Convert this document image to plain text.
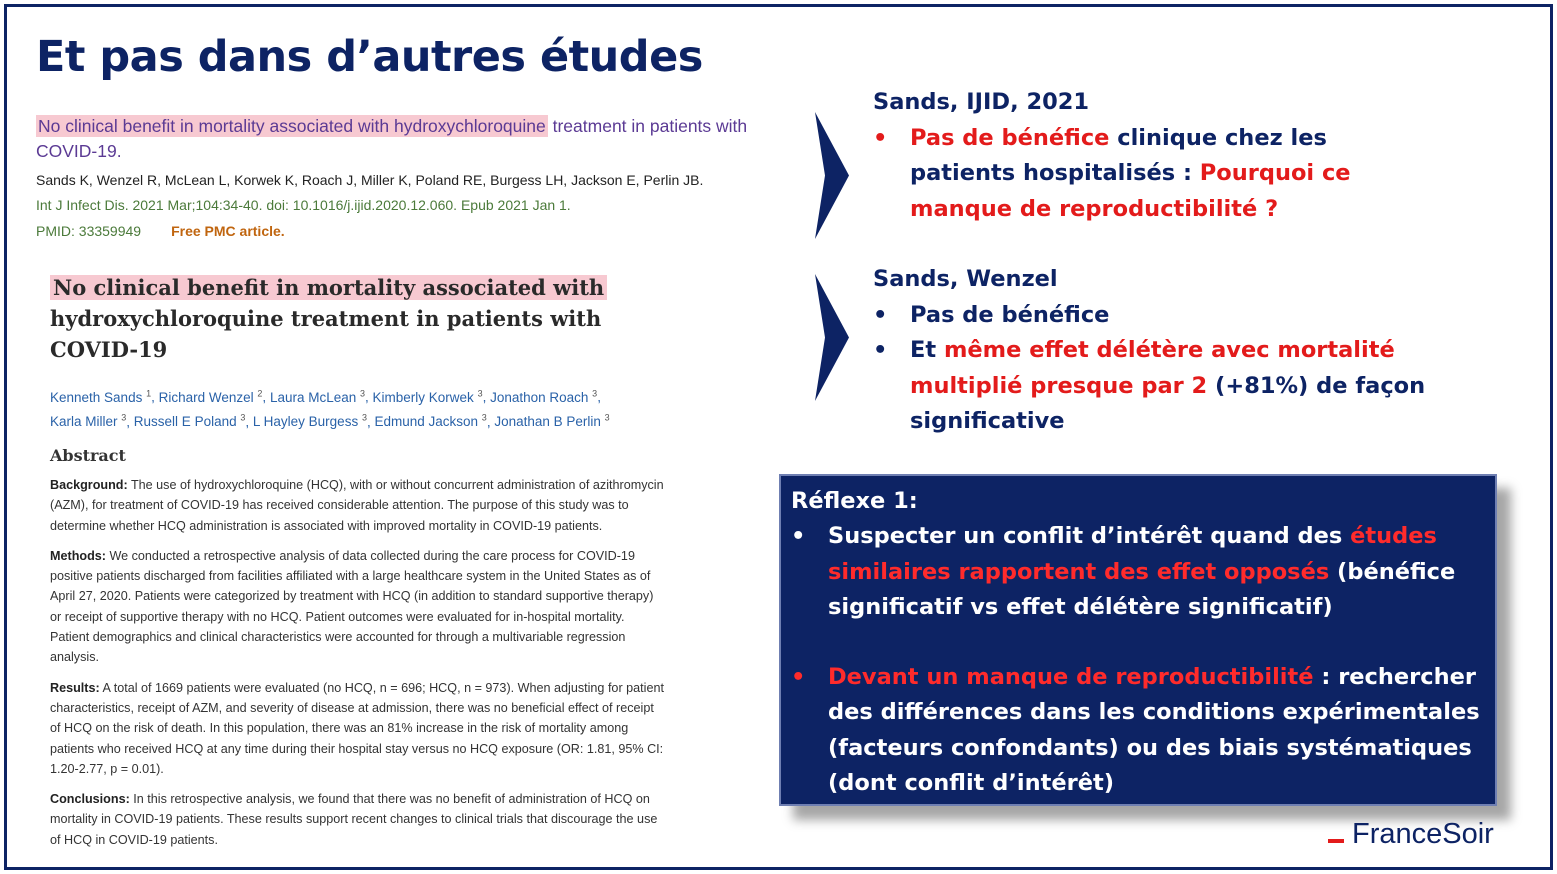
Et pas dans d’autres études
No clinical benefit in mortality associated with hydroxychloroquine treatment in patients with COVID-19.
Sands K, Wenzel R, McLean L, Korwek K, Roach J, Miller K, Poland RE, Burgess LH, Jackson E, Perlin JB.
Int J Infect Dis. 2021 Mar;104:34-40. doi: 10.1016/j.ijid.2020.12.060. Epub 2021 Jan 1.
PMID: 33359949 Free PMC article.
No clinical benefit in mortality associated with
hydroxychloroquine treatment in patients with COVID-19
Kenneth Sands $^1$, Richard Wenzel $^2$, Laura McLean $^3$, Kimberly Korwek $^3$, Jonathon Roach $^3$,
Karla Miller $^3$, Russell E Poland $^3$, L Hayley Burgess $^3$, Edmund Jackson $^3$, Jonathan B Perlin $^3$
Abstract
Background: The use of hydroxychloroquine (HCQ), with or without concurrent administration of azithromycin (AZM), for treatment of COVID-19 has received considerable attention. The purpose of this study was to determine whether HCQ administration is associated with improved mortality in COVID-19 patients.
Methods: We conducted a retrospective analysis of data collected during the care process for COVID-19 positive patients discharged from facilities affiliated with a large healthcare system in the United States as of April 27, 2020. Patients were categorized by treatment with HCQ (in addition to standard supportive therapy) or receipt of supportive therapy with no HCQ. Patient outcomes were evaluated for in-hospital mortality. Patient demographics and clinical characteristics were accounted for through a multivariable regression analysis.
Results: A total of 1669 patients were evaluated (no HCQ, n = 696; HCQ, n = 973). When adjusting for patient characteristics, receipt of AZM, and severity of disease at admission, there was no beneficial effect of receipt of HCQ on the risk of death. In this population, there was an 81% increase in the risk of mortality among patients who received HCQ at any time during their hospital stay versus no HCQ exposure (OR: 1.81, 95% CI: 1.20-2.77, p = 0.01).
Conclusions: In this retrospective analysis, we found that there was no benefit of administration of HCQ on mortality in COVID-19 patients. These results support recent changes to clinical trials that discourage the use of HCQ in COVID-19 patients.
Sands, IJID, 2021
• Pas de bénéfice clinique chez les patients hospitalisés : Pourquoi ce manque de reproductibilité ?
Sands, Wenzel
• Pas de bénéfice
• Et même effet délétère avec mortalité multiplié presque par 2 (+81%) de façon significative
Réflexe 1:
• Suspecter un conflit d’intérêt quand des études similaires rapportent des effet opposés (bénéfice significatif vs effet délétère significatif)
• Devant un manque de reproductibilité : rechercher des différences dans les conditions expérimentales (facteurs confondants) ou des biais systématiques (dont conflit d’intérêt)
FranceSoir
